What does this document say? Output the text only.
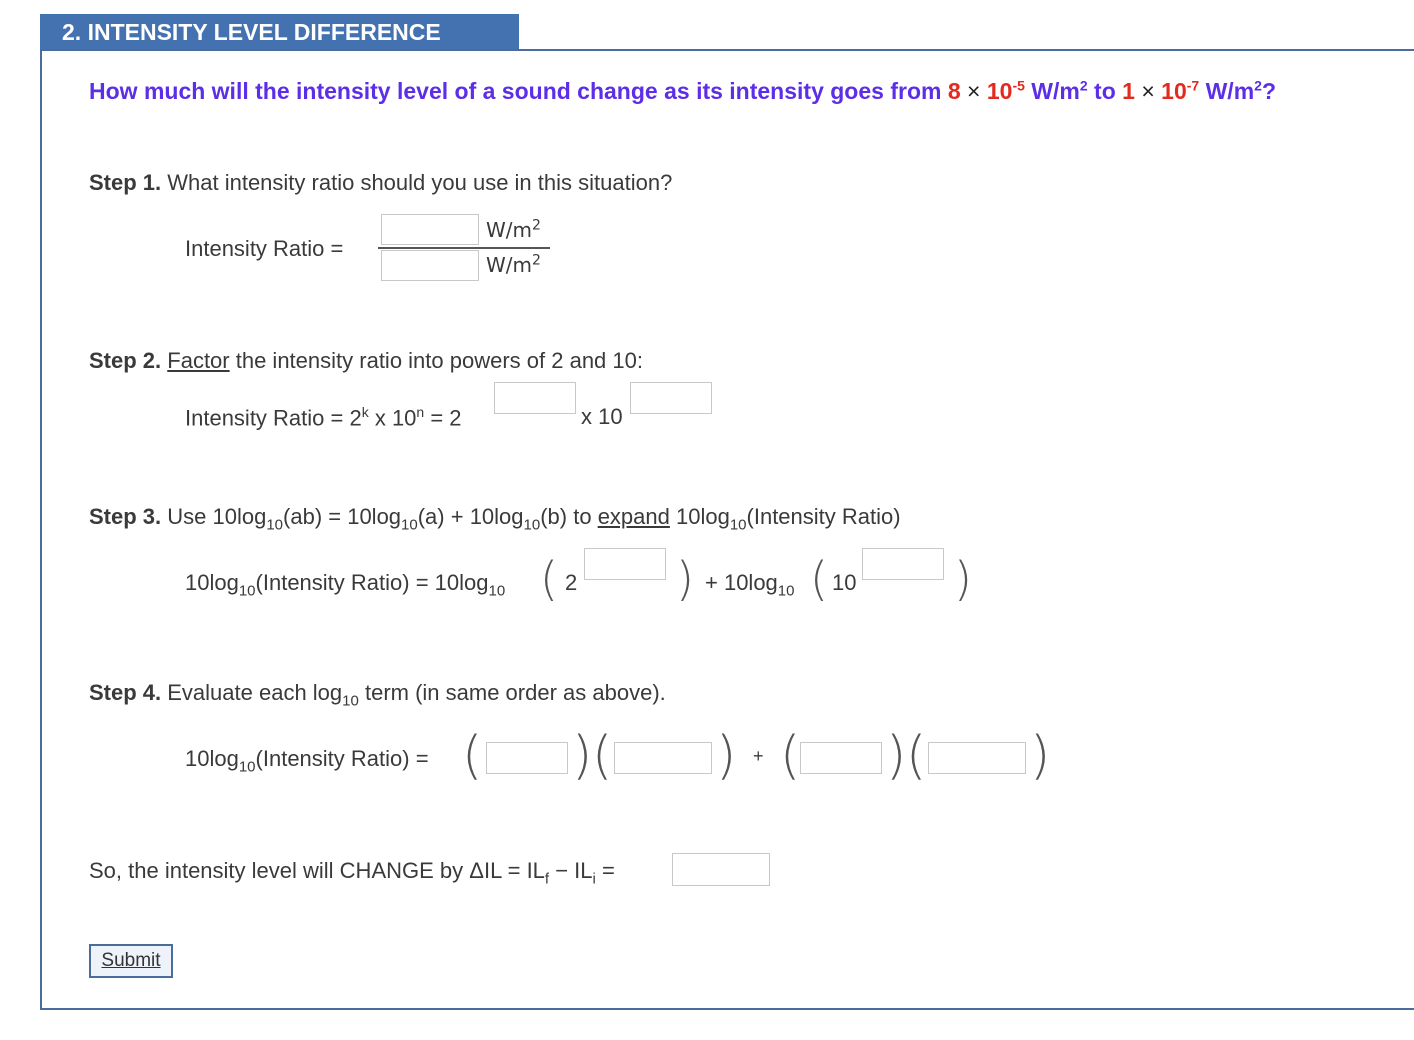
2. INTENSITY LEVEL DIFFERENCE
How much will the intensity level of a sound change as its intensity goes from $8 \times 10^{-5}$ $W/m^2$ to $1 \times 10^{-7}$ $W/m^2$?
Step 1. What intensity ratio should you use in this situation?
Intensity Ratio =
$W/m^2$
$W/m^2$
Step 2. Factor the intensity ratio into powers of 2 and 10:
Intensity Ratio = $2^k$ x $10^n = 2$	x 10
Step 3. Use $10\log_{10}(ab) = 10\log_{10}(a) + 10\log_{10}(b)$ to expand $10\log_{10}(Intensity$ Ratio)
$10\log_{10}(Intensity$ Ratio) = $10\log_{10}$ ( 2 ) + $10\log_{10}$ ( 10 )
Step 4. Evaluate each $\log_{10}$ term (in same order as above).
$10\log_{10}(Intensity$ Ratio) = ( ) ( ) + ( ) ( )
So, the intensity level will CHANGE by $\Delta IL = IL_f - IL_i$ =
Submit
